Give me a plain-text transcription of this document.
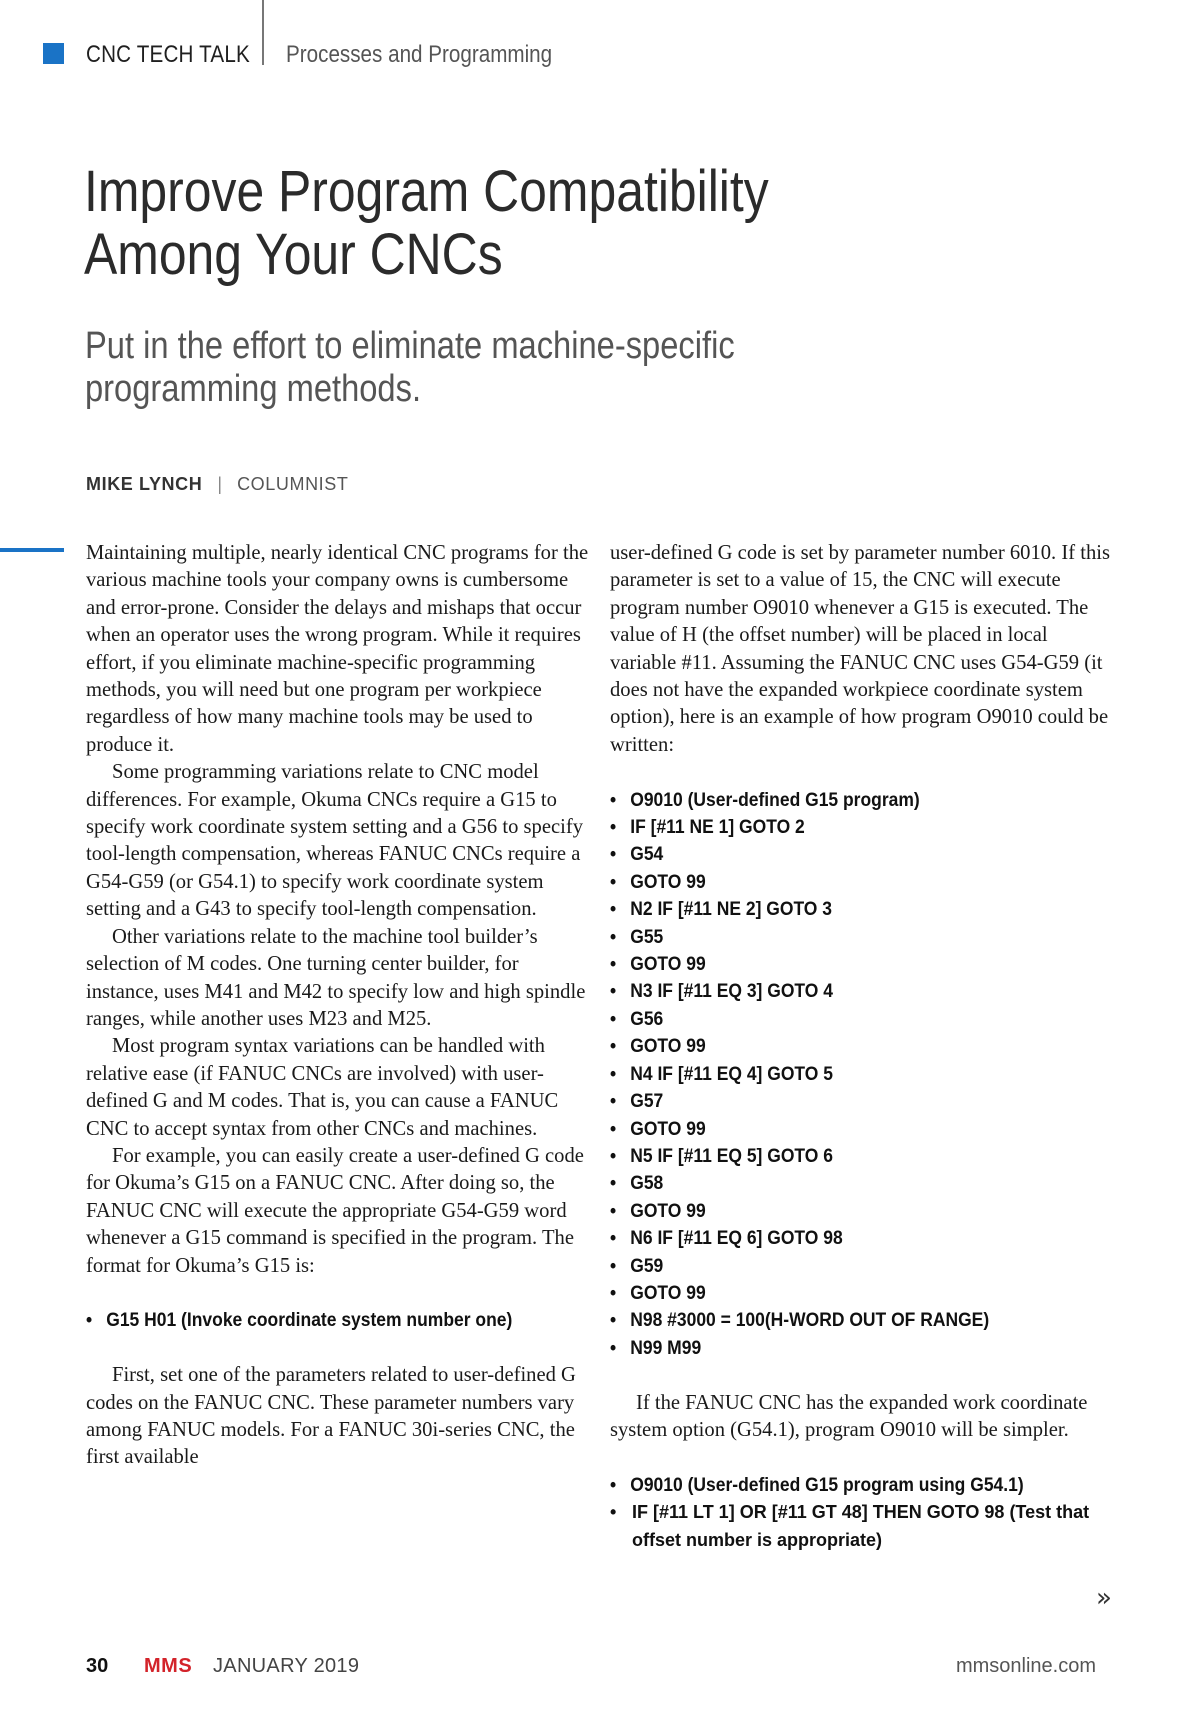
CNC TECH TALK Processes and Programming
Improve Program Compatibility
Among Your CNCs
Put in the effort to eliminate machine-specific
programming methods.
MIKE LYNCH | COLUMNIST

Maintaining multiple, nearly identical CNC programs for the various machine tools your company owns is cumbersome and error-prone. Consider the delays and mishaps that occur when an operator uses the wrong program. While it requires effort, if you eliminate machine-specific programming methods, you will need but one program per workpiece regardless of how many machine tools may be used to produce it.

Some programming variations relate to CNC model differences. For example, Okuma CNCs require a G15 to specify work coordinate system setting and a G56 to specify tool-length compensation, whereas FANUC CNCs require a G54-G59 (or G54.1) to specify work coordinate system setting and a G43 to specify tool-length compensation.

Other variations relate to the machine tool builder’s selection of M codes. One turning center builder, for instance, uses M41 and M42 to specify low and high spindle ranges, while another uses M23 and M25.

Most program syntax variations can be handled with relative ease (if FANUC CNCs are involved) with user-defined G and M codes. That is, you can cause a FANUC CNC to accept syntax from other CNCs and machines.

For example, you can easily create a user-defined G code for Okuma’s G15 on a FANUC CNC. After doing so, the FANUC CNC will execute the appropriate G54-G59 word whenever a G15 command is specified in the program. The format for Okuma’s G15 is:

• G15 H01 (Invoke coordinate system number one)

First, set one of the parameters related to user-defined G codes on the FANUC CNC. These parameter numbers vary among FANUC models. For a FANUC 30i-series CNC, the first available

user-defined G code is set by parameter number 6010. If this parameter is set to a value of 15, the CNC will execute program number O9010 whenever a G15 is executed. The value of H (the offset number) will be placed in local variable #11. Assuming the FANUC CNC uses G54-G59 (it does not have the expanded workpiece coordinate system option), here is an example of how program O9010 could be written:

• O9010 (User-defined G15 program)
• IF [#11 NE 1] GOTO 2
• G54
• GOTO 99
• N2 IF [#11 NE 2] GOTO 3
• G55
• GOTO 99
• N3 IF [#11 EQ 3] GOTO 4
• G56
• GOTO 99
• N4 IF [#11 EQ 4] GOTO 5
• G57
• GOTO 99
• N5 IF [#11 EQ 5] GOTO 6
• G58
• GOTO 99
• N6 IF [#11 EQ 6] GOTO 98
• G59
• GOTO 99
• N98 #3000 = 100(H-WORD OUT OF RANGE)
• N99 M99

If the FANUC CNC has the expanded work coordinate system option (G54.1), program O9010 will be simpler.

• O9010 (User-defined G15 program using G54.1)
• IF [#11 LT 1] OR [#11 GT 48] THEN GOTO 98 (Test that offset number is appropriate)
»
30 MMS JANUARY 2019	mmsonline.com
